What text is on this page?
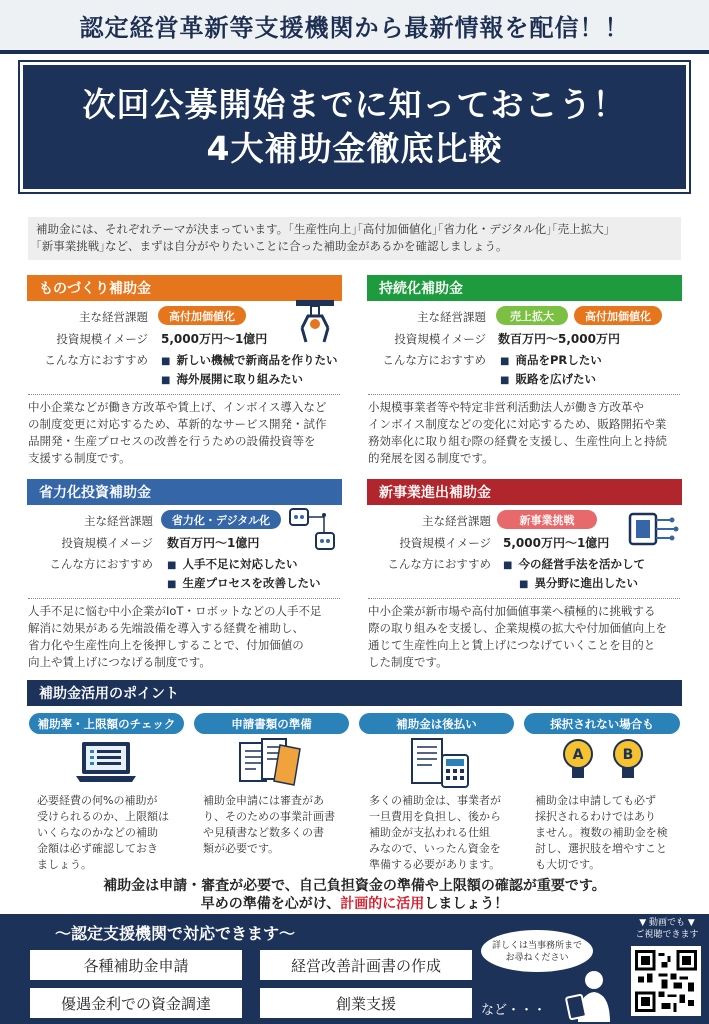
認定経営革新等支援機関から最新情報を配信！！
次回公募開始までに知っておこう！
4大補助金徹底比較
補助金には、それぞれテーマが決まっています。｢生産性向上｣｢高付加価値化｣｢省力化・デジタル化｣｢売上拡大｣
｢新事業挑戦｣など、まずは自分がやりたいことに合った補助金があるかを確認しましょう。
ものづくり補助金
主な経営課題	高付加価値化
投資規模イメージ 5,000万円～1億円
こんな方におすすめ	■ 新しい機械で新商品を作りたい
■ 海外展開に取り組みたい
中小企業などが働き方改革や賃上げ、インボイス導入など
の制度変更に対応するため、革新的なサービス開発・試作
品開発・生産プロセスの改善を行うための設備投資等を
支援する制度です。
持続化補助金
主な経営課題	売上拡大	高付加価値化
投資規模イメージ 数百万円～5,000万円
こんな方におすすめ	■ 商品をPRしたい
■ 販路を広げたい
小規模事業者等や特定非営利活動法人が働き方改革や
インボイス制度などの変化に対応するため、販路開拓や業
務効率化に取り組む際の経費を支援し、生産性向上と持続
的発展を図る制度です。
省力化投資補助金
主な経営課題	省力化・デジタル化
投資規模イメージ 数百万円～1億円
こんな方におすすめ	■ 人手不足に対応したい
■ 生産プロセスを改善したい
人手不足に悩む中小企業がIoT・ロボットなどの人手不足
解消に効果がある先端設備を導入する経費を補助し、
省力化や生産性向上を後押しすることで、付加価値の
向上や賃上げにつなげる制度です。
新事業進出補助金
主な経営課題	新事業挑戦
投資規模イメージ 5,000万円～1億円
こんな方におすすめ	■ 今の経営手法を活かして
■ 異分野に進出したい
中小企業が新市場や高付加価値事業へ積極的に挑戦する
際の取り組みを支援し、企業規模の拡大や付加価値向上を
通じて生産性向上と賃上げにつなげていくことを目的と
した制度です。
補助金活用のポイント
補助率・上限額のチェック	申請書類の準備	補助金は後払い	採択されない場合も
A	B
必要経費の何%の補助が
受けられるのか、上限額は
いくらなのかなどの補助
金額は必ず確認しておき
ましょう。
補助金申請には審査があ
り、そのための事業計画書
や見積書など数多くの書
類が必要です。
多くの補助金は、事業者が
一旦費用を負担し、後から
補助金が支払われる仕組
みなので、いったん資金を
準備する必要があります。
補助金は申請しても必ず
採択されるわけではあり
ません。複数の補助金を検
討し、選択肢を増やすこと
も大切です。
補助金は申請・審査が必要で、自己負担資金の準備や上限額の確認が重要です。
早めの準備を心がけ、計画的に活用しましょう！
～認定支援機関で対応できます～
各種補助金申請	経営改善計画書の作成
優遇金利での資金調達	創業支援	など・・・
詳しくは当事務所まで
お尋ねください
▼ 動画でも ▼
ご視聴できます
